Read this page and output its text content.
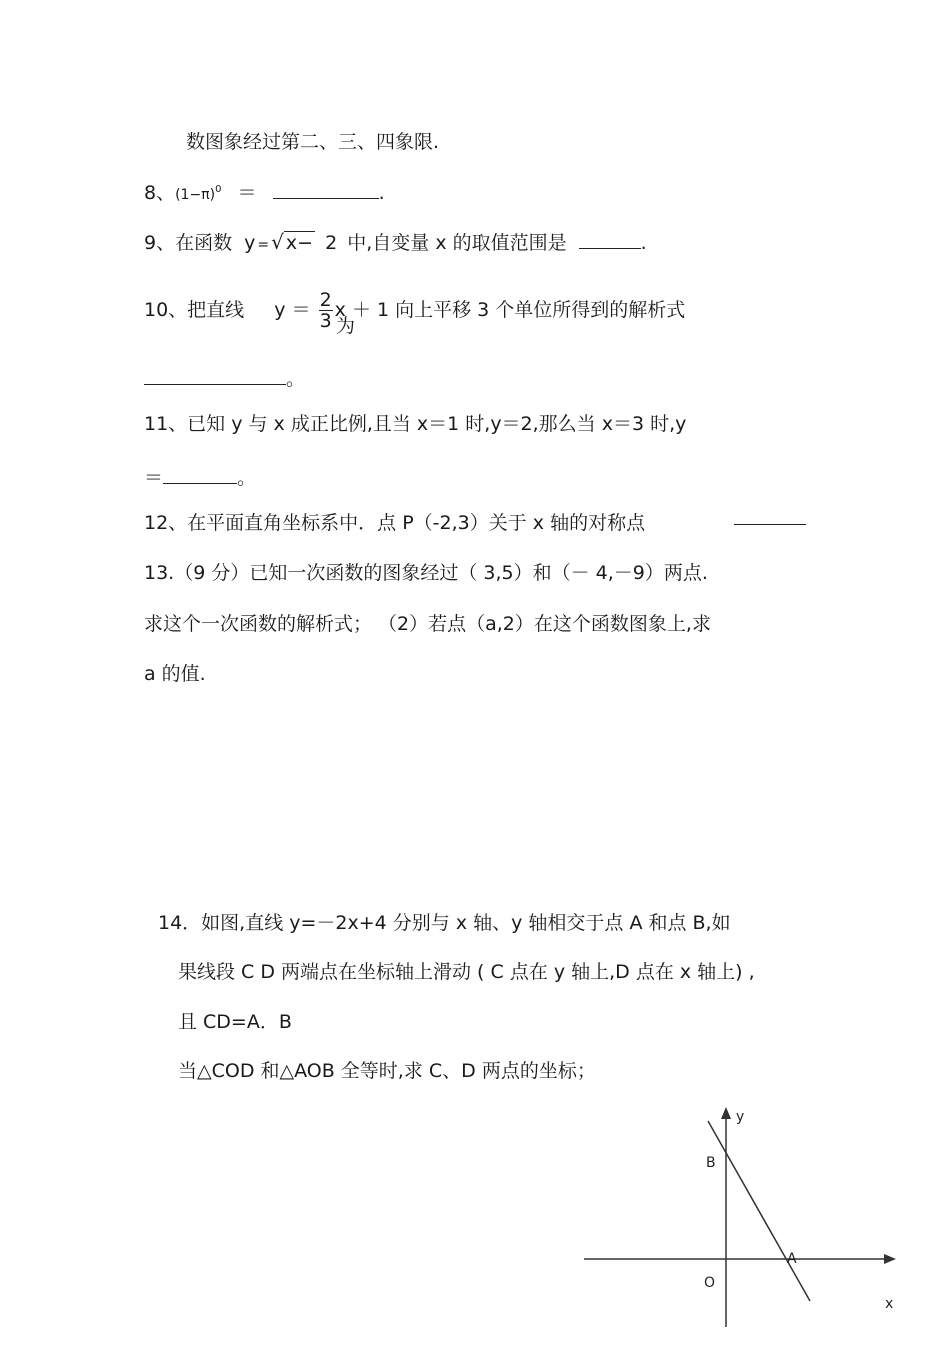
数图象经过第二、三、四象限.
8、$(1-\pi)^0$ ＝	.
9、在函数 y = √ x− 2 中,自变量 x 的取值范围是	.
10、把直线 $y = \frac{2}{3}$ x ＋ 1 向上平移 3 个单位所得到的解析式
为
。
11、已知 y 与 x 成正比例,且当 x＝1 时,y＝2,那么当 x＝3 时,y
＝	。
12、在平面直角坐标系中．点 P（-2,3）关于 x 轴的对称点
13.（9 分）已知一次函数的图象经过（ 3,5）和（－ 4,－9）两点.
求这个一次函数的解析式； （2）若点（a,2）在这个函数图象上,求
a 的值.
14．如图,直线 y=－2x+4 分别与 x 轴、y 轴相交于点 A 和点 B,如
果线段 C D 两端点在坐标轴上滑动 ( C 点在 y 轴上,D 点在 x 轴上) ,
且 CD=A．B
当△COD 和△AOB 全等时,求 C、D 两点的坐标；
y
x
B
A
O
